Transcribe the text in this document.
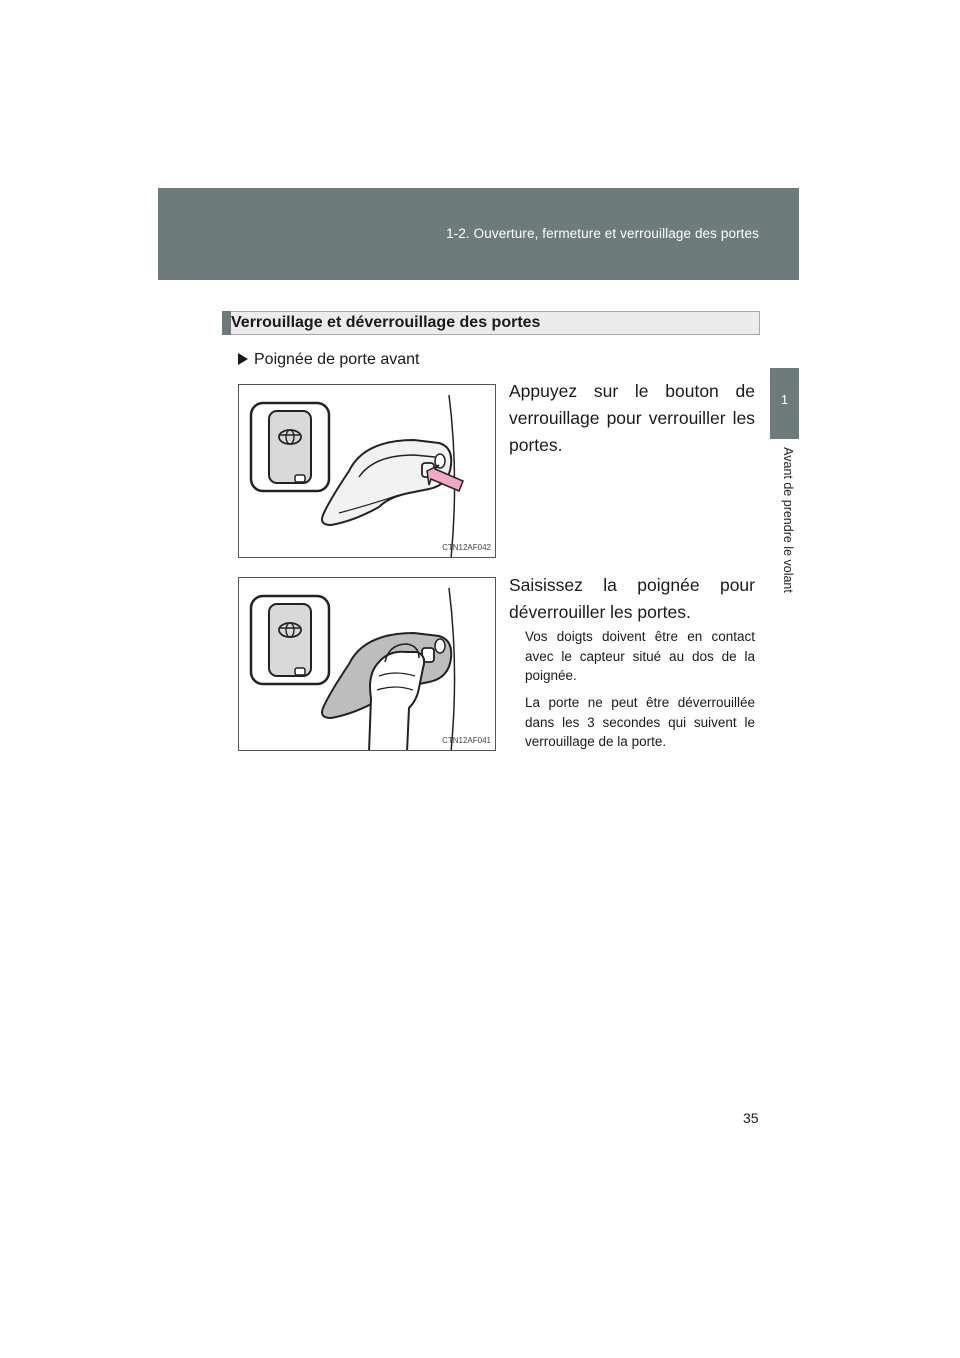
1-2. Ouverture, fermeture et verrouillage des portes
1
Avant de prendre le volant
Verrouillage et déverrouillage des portes
Poignée de porte avant
CTN12AF042
CTN12AF041
Appuyez sur le bouton de verrouillage pour verrouiller les portes.
Saisissez la poignée pour déverrouiller les portes.
Vos doigts doivent être en contact avec le capteur situé au dos de la poignée.
La porte ne peut être déverrouillée dans les 3 secondes qui suivent le verrouillage de la porte.
35
